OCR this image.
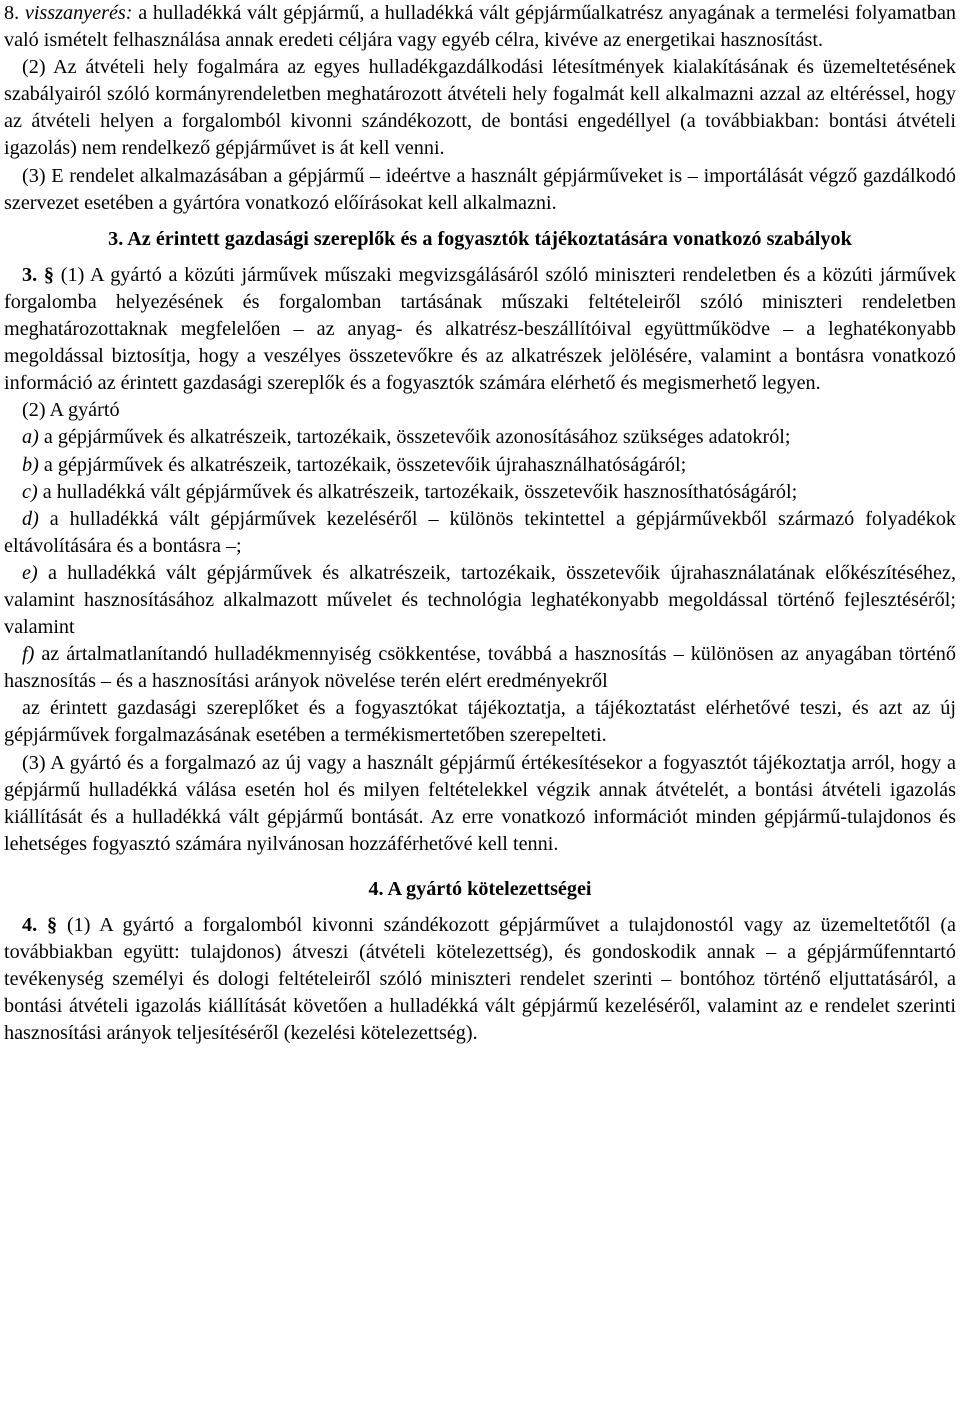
8. visszanyerés: a hulladékká vált gépjármű, a hulladékká vált gépjárműalkatrész anyagának a termelési folyamatban való ismételt felhasználása annak eredeti céljára vagy egyéb célra, kivéve az energetikai hasznosítást.

(2) Az átvételi hely fogalmára az egyes hulladékgazdálkodási létesítmények kialakításának és üzemeltetésének szabályairól szóló kormányrendeletben meghatározott átvételi hely fogalmát kell alkalmazni azzal az eltéréssel, hogy az átvételi helyen a forgalomból kivonni szándékozott, de bontási engedéllyel (a továbbiakban: bontási átvételi igazolás) nem rendelkező gépjárművet is át kell venni.

(3) E rendelet alkalmazásában a gépjármű – ideértve a használt gépjárműveket is – importálását végző gazdálkodó szervezet esetében a gyártóra vonatkozó előírásokat kell alkalmazni.

3. Az érintett gazdasági szereplők és a fogyasztók tájékoztatására vonatkozó szabályok

3. § (1) A gyártó a közúti járművek műszaki megvizsgálásáról szóló miniszteri rendeletben és a közúti járművek forgalomba helyezésének és forgalomban tartásának műszaki feltételeiről szóló miniszteri rendeletben meghatározottaknak megfelelően – az anyag- és alkatrész-beszállítóival együttműködve – a leghatékonyabb megoldással biztosítja, hogy a veszélyes összetevőkre és az alkatrészek jelölésére, valamint a bontásra vonatkozó információ az érintett gazdasági szereplők és a fogyasztók számára elérhető és megismerhető legyen.

(2) A gyártó

a) a gépjárművek és alkatrészeik, tartozékaik, összetevőik azonosításához szükséges adatokról;

b) a gépjárművek és alkatrészeik, tartozékaik, összetevőik újrahasználhatóságáról;

c) a hulladékká vált gépjárművek és alkatrészeik, tartozékaik, összetevőik hasznosíthatóságáról;

d) a hulladékká vált gépjárművek kezeléséről – különös tekintettel a gépjárművekből származó folyadékok eltávolítására és a bontásra –;

e) a hulladékká vált gépjárművek és alkatrészeik, tartozékaik, összetevőik újrahasználatának előkészítéséhez, valamint hasznosításához alkalmazott művelet és technológia leghatékonyabb megoldással történő fejlesztéséről; valamint

f) az ártalmatlanítandó hulladékmennyiség csökkentése, továbbá a hasznosítás – különösen az anyagában történő hasznosítás – és a hasznosítási arányok növelése terén elért eredményekről

az érintett gazdasági szereplőket és a fogyasztókat tájékoztatja, a tájékoztatást elérhetővé teszi, és azt az új gépjárművek forgalmazásának esetében a termékismertetőben szerepelteti.

(3) A gyártó és a forgalmazó az új vagy a használt gépjármű értékesítésekor a fogyasztót tájékoztatja arról, hogy a gépjármű hulladékká válása esetén hol és milyen feltételekkel végzik annak átvételét, a bontási átvételi igazolás kiállítását és a hulladékká vált gépjármű bontását. Az erre vonatkozó információt minden gépjármű-tulajdonos és lehetséges fogyasztó számára nyilvánosan hozzáférhetővé kell tenni.

4. A gyártó kötelezettségei

4. § (1) A gyártó a forgalomból kivonni szándékozott gépjárművet a tulajdonostól vagy az üzemeltetőtől (a továbbiakban együtt: tulajdonos) átveszi (átvételi kötelezettség), és gondoskodik annak – a gépjárműfenntartó tevékenység személyi és dologi feltételeiről szóló miniszteri rendelet szerinti – bontóhoz történő eljuttatásáról, a bontási átvételi igazolás kiállítását követően a hulladékká vált gépjármű kezeléséről, valamint az e rendelet szerinti hasznosítási arányok teljesítéséről (kezelési kötelezettség).
